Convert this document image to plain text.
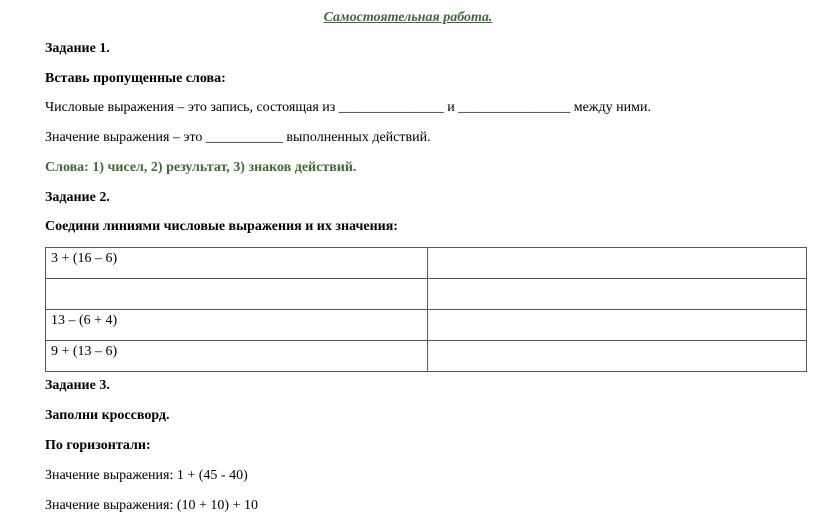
Самостоятельная работа.
Задание 1.
Вставь пропущенные слова:
Числовые выражения – это запись, состоящая из _______________ и ________________ между ними.
Значение выражения – это ___________ выполненных действий.
Слова: 1) чисел, 2) результат, 3) знаков действий.
Задание 2.
Соедини линиями числовые выражения и их значения:
3 + (16 – 6)	

13 – (6 + 4)	
9 + (13 – 6)	
Задание 3.
Заполни кроссворд.
По горизонтали:
Значение выражения: 1 + (45 - 40)
Значение выражения: (10 + 10) + 10
